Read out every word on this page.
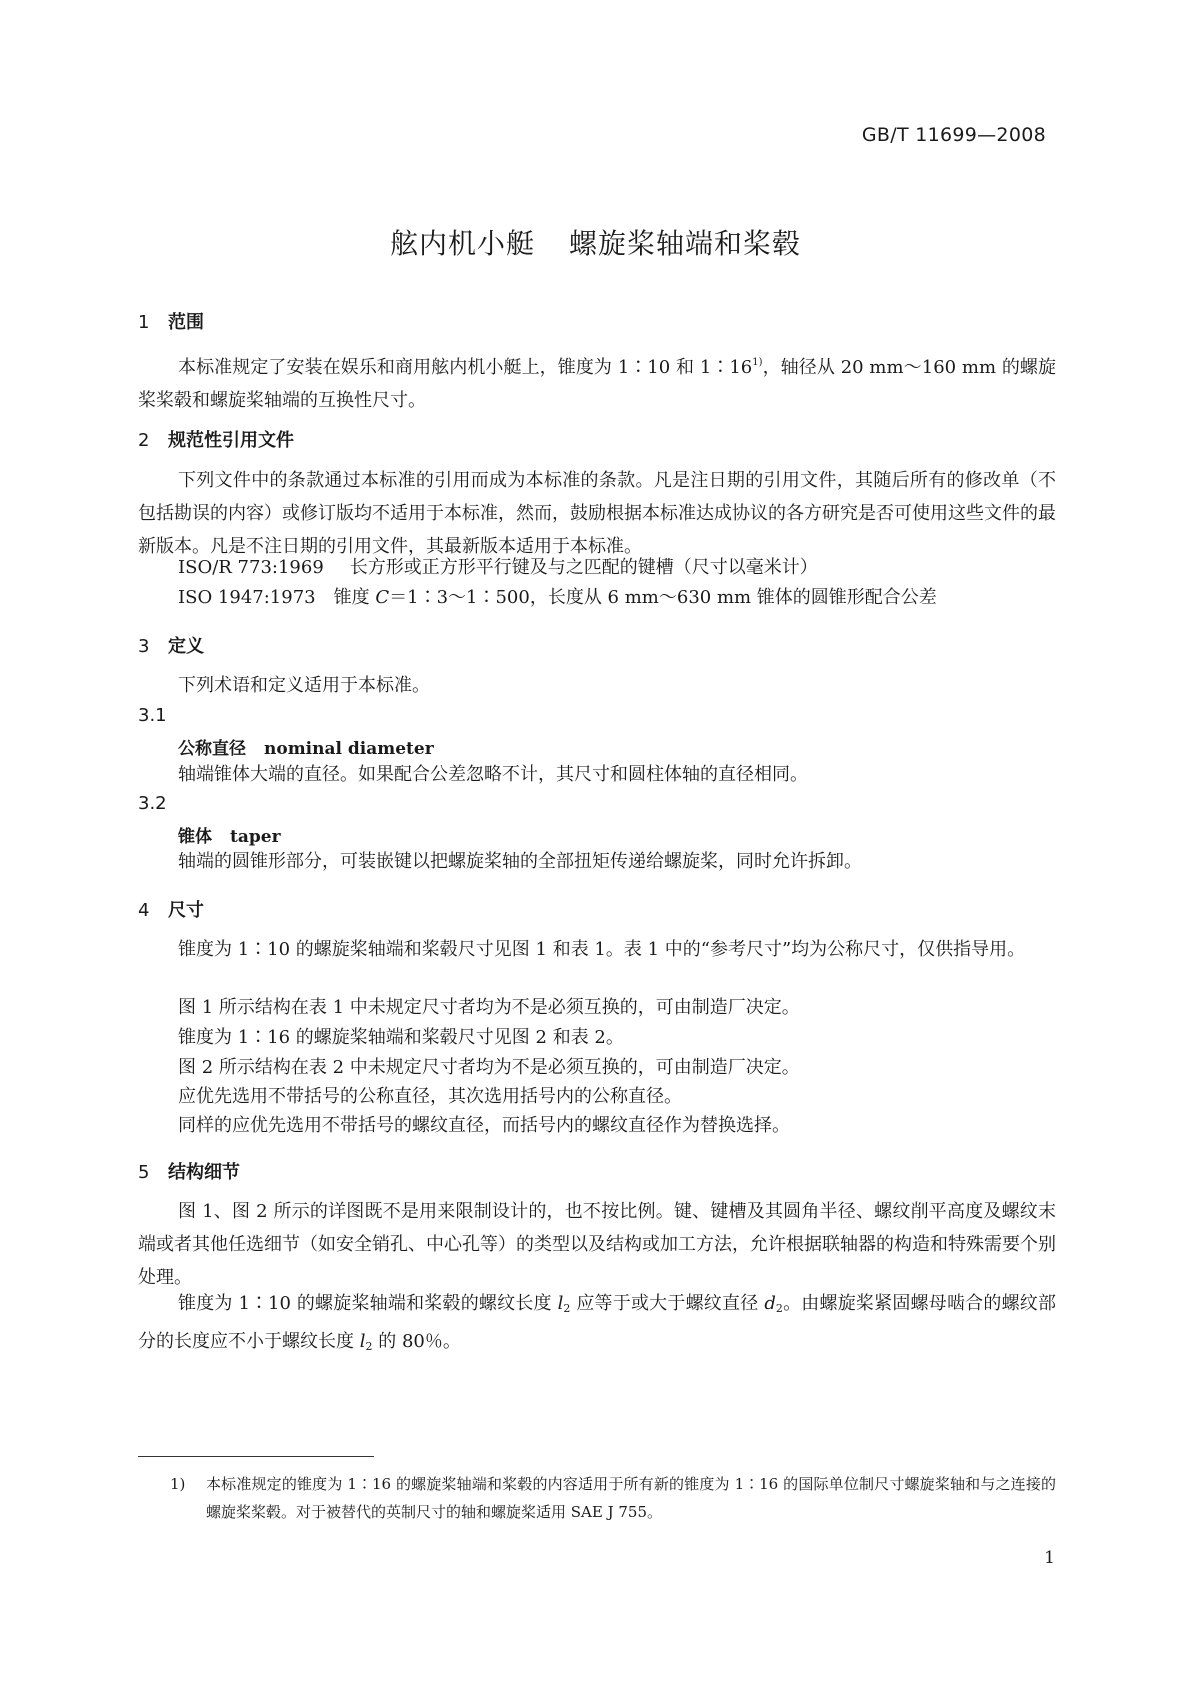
GB/T 11699—2008
舷内机小艇 螺旋桨轴端和桨毂
1 范围
本标准规定了安装在娱乐和商用舷内机小艇上，锥度为 1∶10 和 1∶16$^{1)}$，轴径从 20 mm～160 mm 的螺旋桨桨毂和螺旋桨轴端的互换性尺寸。
2 规范性引用文件
下列文件中的条款通过本标准的引用而成为本标准的条款。凡是注日期的引用文件，其随后所有的修改单（不包括勘误的内容）或修订版均不适用于本标准，然而，鼓励根据本标准达成协议的各方研究是否可使用这些文件的最新版本。凡是不注日期的引用文件，其最新版本适用于本标准。
ISO/R 773:1969 长方形或正方形平行键及与之匹配的键槽（尺寸以毫米计）
ISO 1947:1973 锥度 C＝1∶3～1∶500，长度从 6 mm～630 mm 锥体的圆锥形配合公差
3 定义
下列术语和定义适用于本标准。
3.1
公称直径 nominal diameter
轴端锥体大端的直径。如果配合公差忽略不计，其尺寸和圆柱体轴的直径相同。
3.2
锥体 taper
轴端的圆锥形部分，可装嵌键以把螺旋桨轴的全部扭矩传递给螺旋桨，同时允许拆卸。
4 尺寸
锥度为 1∶10 的螺旋桨轴端和桨毂尺寸见图 1 和表 1。表 1 中的“参考尺寸”均为公称尺寸，仅供指导用。
图 1 所示结构在表 1 中未规定尺寸者均为不是必须互换的，可由制造厂决定。
锥度为 1∶16 的螺旋桨轴端和桨毂尺寸见图 2 和表 2。
图 2 所示结构在表 2 中未规定尺寸者均为不是必须互换的，可由制造厂决定。
应优先选用不带括号的公称直径，其次选用括号内的公称直径。
同样的应优先选用不带括号的螺纹直径，而括号内的螺纹直径作为替换选择。
5 结构细节
图 1、图 2 所示的详图既不是用来限制设计的，也不按比例。键、键槽及其圆角半径、螺纹削平高度及螺纹末端或者其他任选细节（如安全销孔、中心孔等）的类型以及结构或加工方法，允许根据联轴器的构造和特殊需要个别处理。
锥度为 1∶10 的螺旋桨轴端和桨毂的螺纹长度 $l_2$ 应等于或大于螺纹直径 $d_2$。由螺旋桨紧固螺母啮合的螺纹部分的长度应不小于螺纹长度 $l_2$ 的 80％。
1) 本标准规定的锥度为 1∶16 的螺旋桨轴端和桨毂的内容适用于所有新的锥度为 1∶16 的国际单位制尺寸螺旋桨轴和与之连接的螺旋桨桨毂。对于被替代的英制尺寸的轴和螺旋桨适用 SAE J 755。
1
